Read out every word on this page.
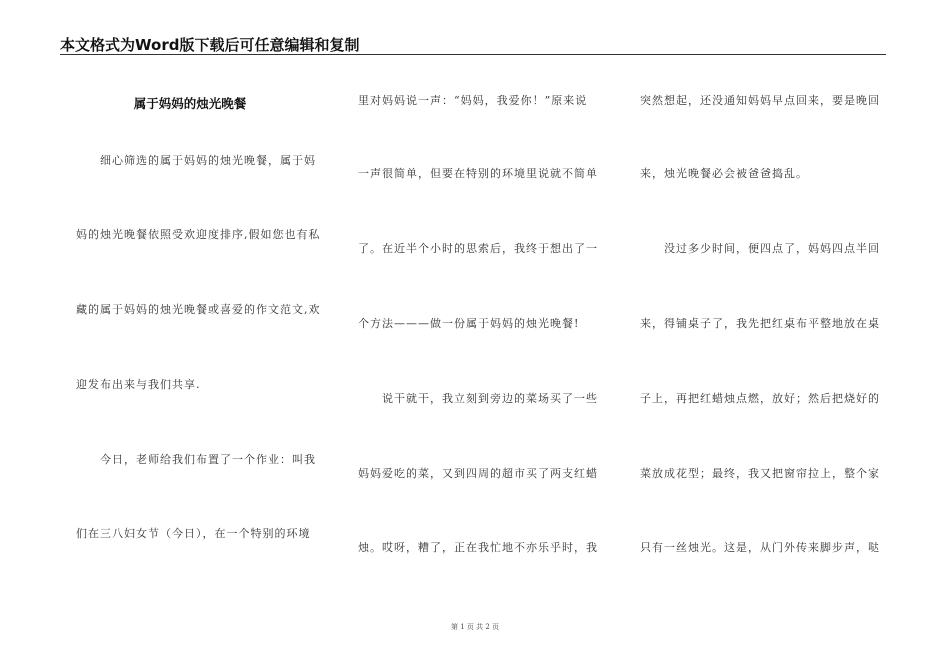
本文格式为Word版下载后可任意编辑和复制
属于妈妈的烛光晚餐
细心筛选的属于妈妈的烛光晚餐，属于妈
妈的烛光晚餐依照受欢迎度排序,假如您也有私
藏的属于妈妈的烛光晚餐或喜爱的作文范文,欢
迎发布出来与我们共享.
今日，老师给我们布置了一个作业：叫我
们在三八妇女节（今日），在一个特别的环境
里对妈妈说一声：“妈妈，我爱你！”原来说
一声很简单，但要在特别的环境里说就不简单
了。在近半个小时的思索后，我终于想出了一
个方法———做一份属于妈妈的烛光晚餐!
说干就干，我立刻到旁边的菜场买了一些
妈妈爱吃的菜，又到四周的超市买了两支红蜡
烛。哎呀，糟了，正在我忙地不亦乐乎时，我
突然想起，还没通知妈妈早点回来，要是晚回
来，烛光晚餐必会被爸爸捣乱。
没过多少时间，便四点了，妈妈四点半回
来，得铺桌子了，我先把红桌布平整地放在桌
子上，再把红蜡烛点燃，放好；然后把烧好的
菜放成花型；最终，我又把窗帘拉上，整个家
只有一丝烛光。这是，从门外传来脚步声，哒
第 1 页 共 2 页
